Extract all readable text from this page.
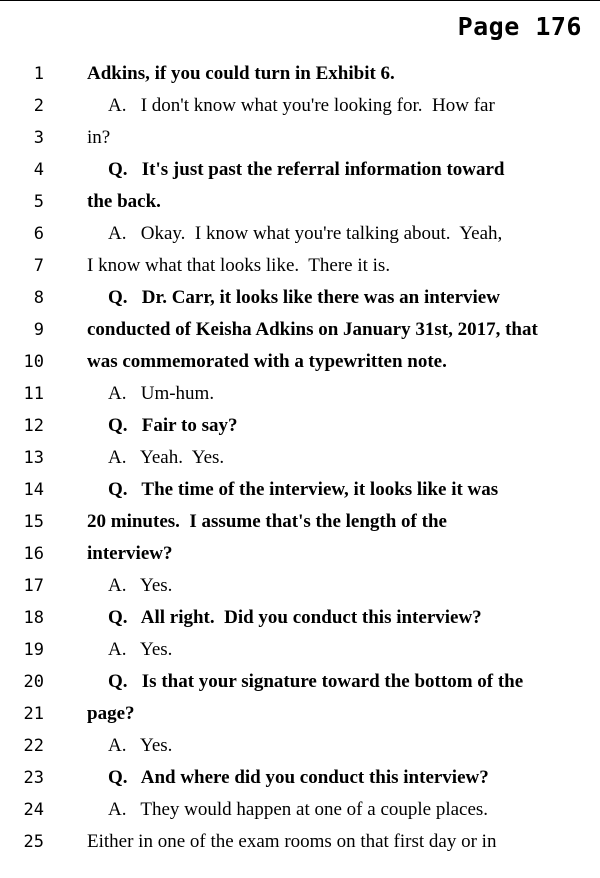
Page 176
1 Adkins, if you could turn in Exhibit 6.
2	A.   I don't know what you're looking for.  How far
3 in?
4	Q.   It's just past the referral information toward
5 the back.
6	A.   Okay.  I know what you're talking about.  Yeah,
7 I know what that looks like.  There it is.
8	Q.   Dr. Carr, it looks like there was an interview
9 conducted of Keisha Adkins on January 31st, 2017, that
10 was commemorated with a typewritten note.
11	A.   Um-hum.
12	Q.   Fair to say?
13	A.   Yeah.  Yes.
14	Q.   The time of the interview, it looks like it was
15 20 minutes.  I assume that's the length of the
16 interview?
17	A.   Yes.
18	Q.   All right.  Did you conduct this interview?
19	A.   Yes.
20	Q.   Is that your signature toward the bottom of the
21 page?
22	A.   Yes.
23	Q.   And where did you conduct this interview?
24	A.   They would happen at one of a couple places.
25 Either in one of the exam rooms on that first day or in
